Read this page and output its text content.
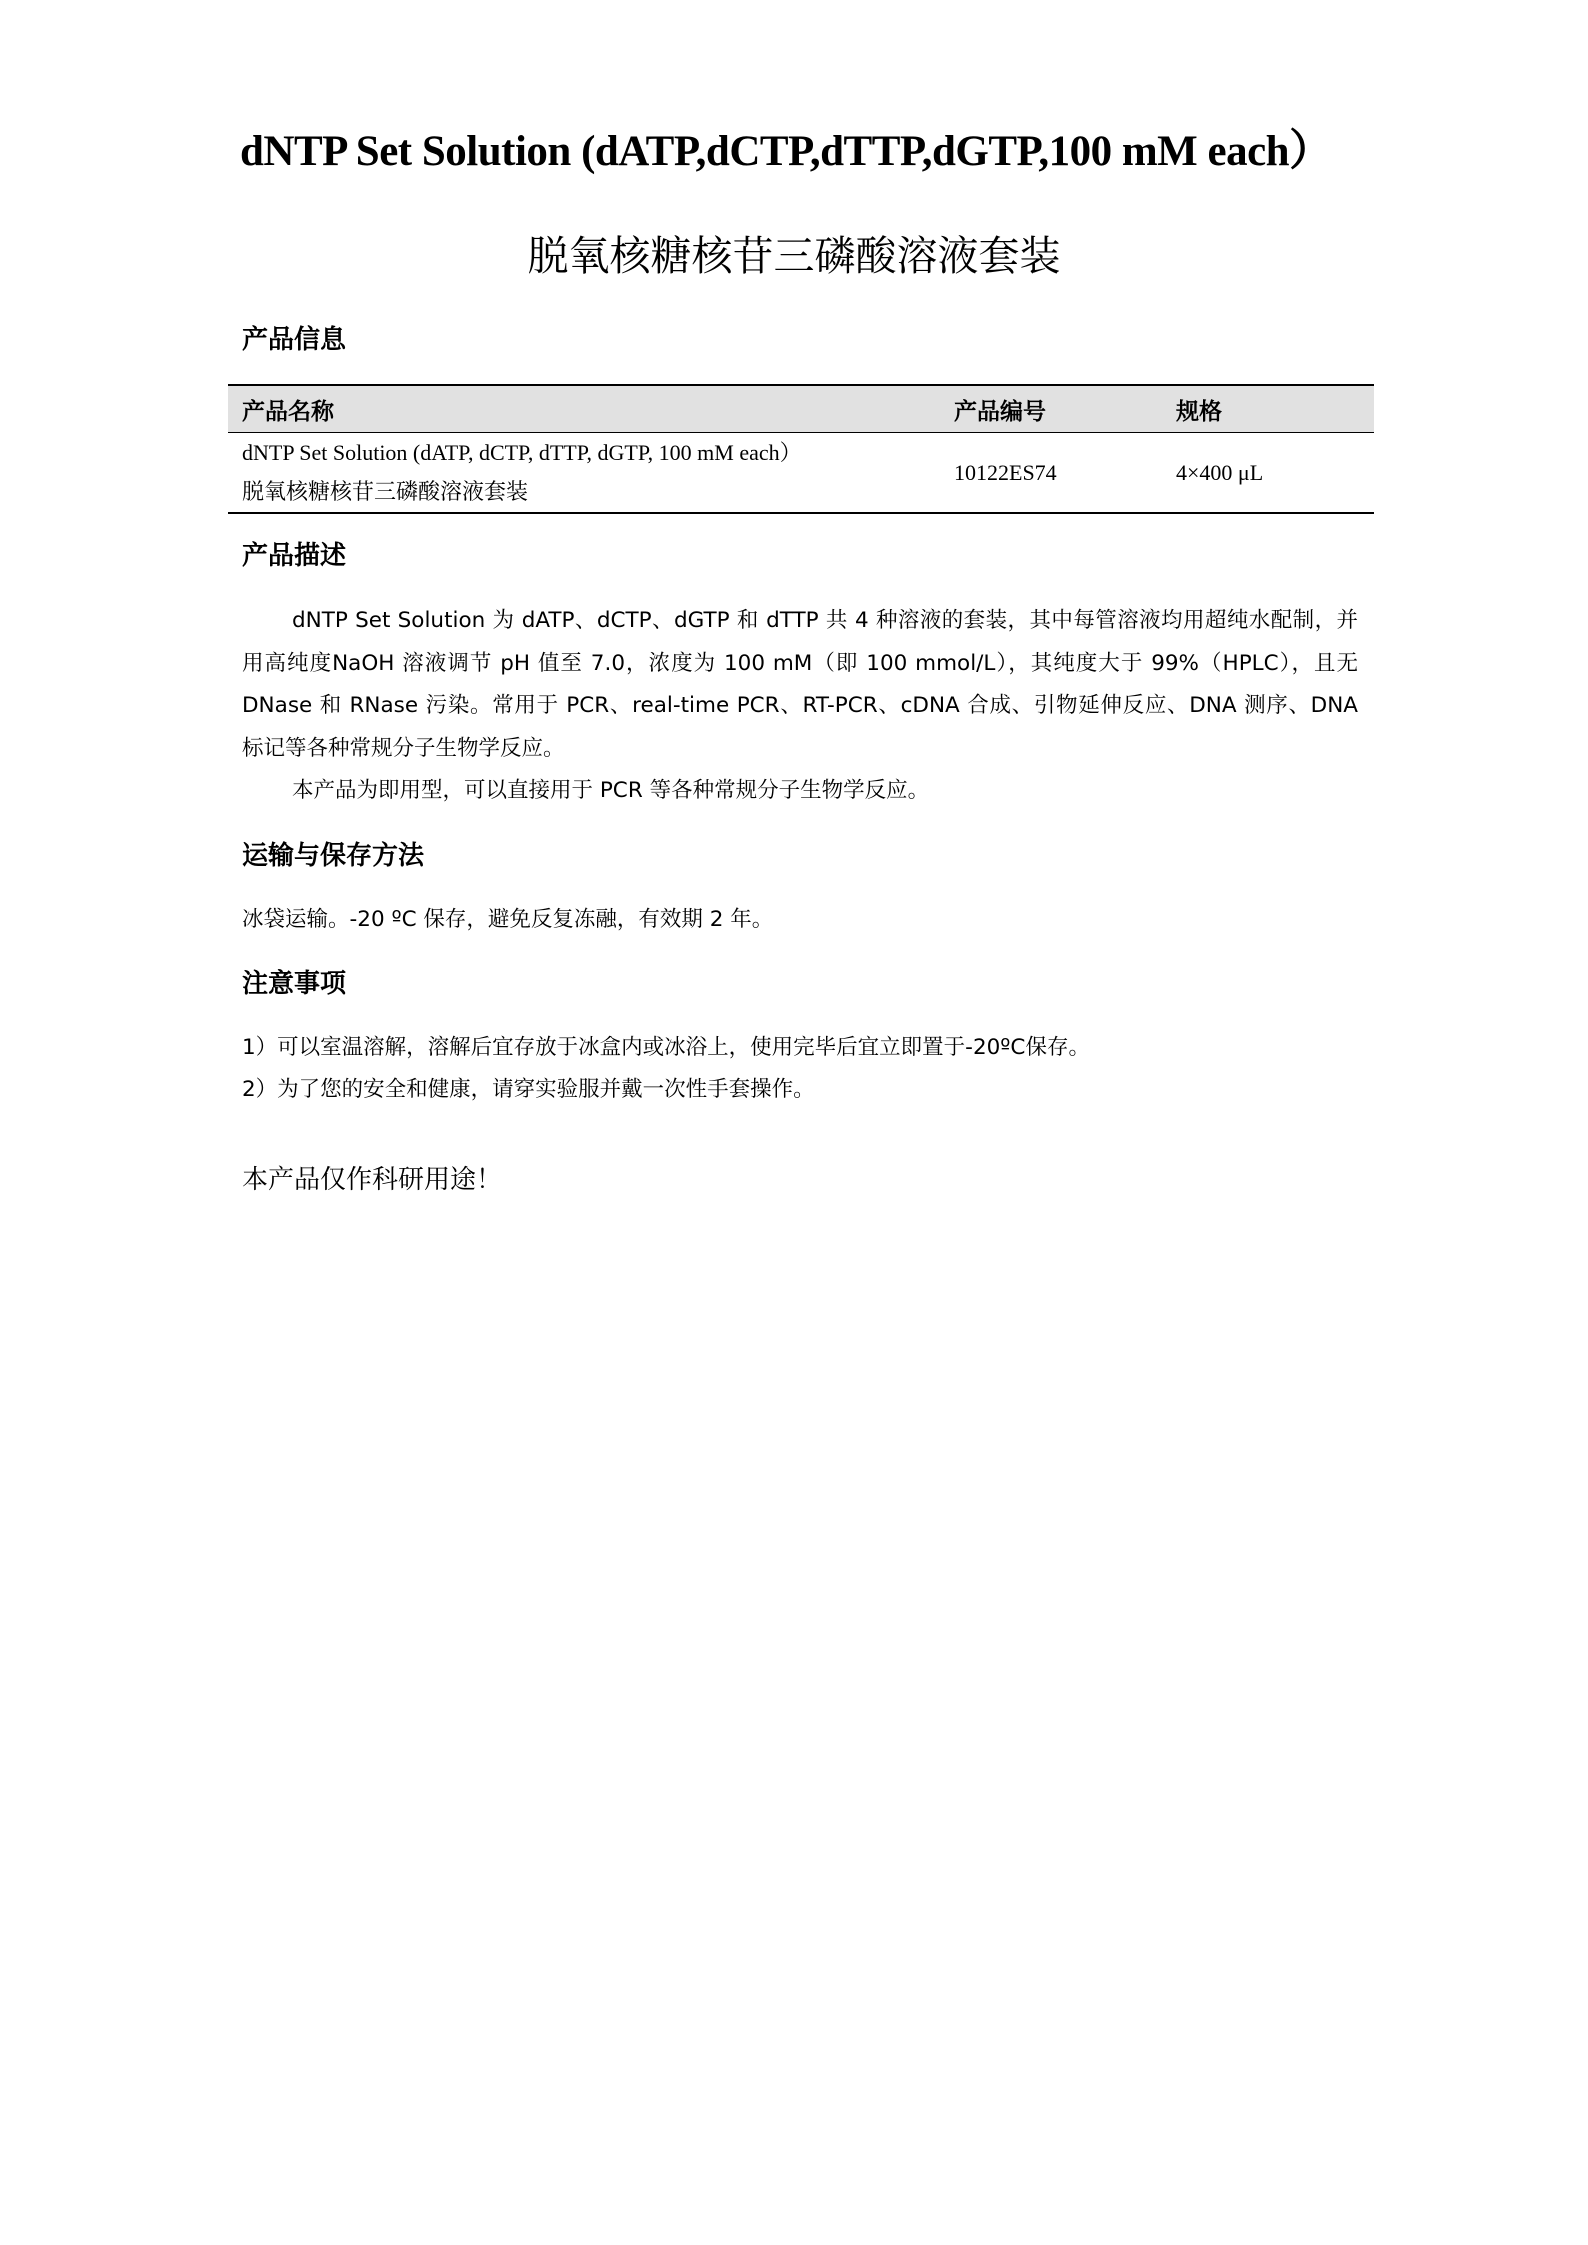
dNTP Set Solution (dATP,dCTP,dTTP,dGTP,100 mM each）
脱氧核糖核苷三磷酸溶液套装
产品信息
产品名称	产品编号	规格
dNTP Set Solution (dATP, dCTP, dTTP, dGTP, 100 mM each）
脱氧核糖核苷三磷酸溶液套装
10122ES74	4×400 μL
产品描述

dNTP Set Solution 为 dATP、dCTP、dGTP 和 dTTP 共 4 种溶液的套装，其中每管溶液均用超纯水配制，并用高纯度NaOH 溶液调节 pH 值至 7.0，浓度为 100 mM（即 100 mmol/L），其纯度大于 99%（HPLC），且无 DNase 和 RNase 污染。常用于 PCR、real-time PCR、RT-PCR、cDNA 合成、引物延伸反应、DNA 测序、DNA 标记等各种常规分子生物学反应。

本产品为即用型，可以直接用于 PCR 等各种常规分子生物学反应。

运输与保存方法
冰袋运输。-20 ºC 保存，避免反复冻融，有效期 2 年。
注意事项
1）可以室温溶解，溶解后宜存放于冰盒内或冰浴上，使用完毕后宜立即置于-20ºC保存。
2）为了您的安全和健康，请穿实验服并戴一次性手套操作。
本产品仅作科研用途！
